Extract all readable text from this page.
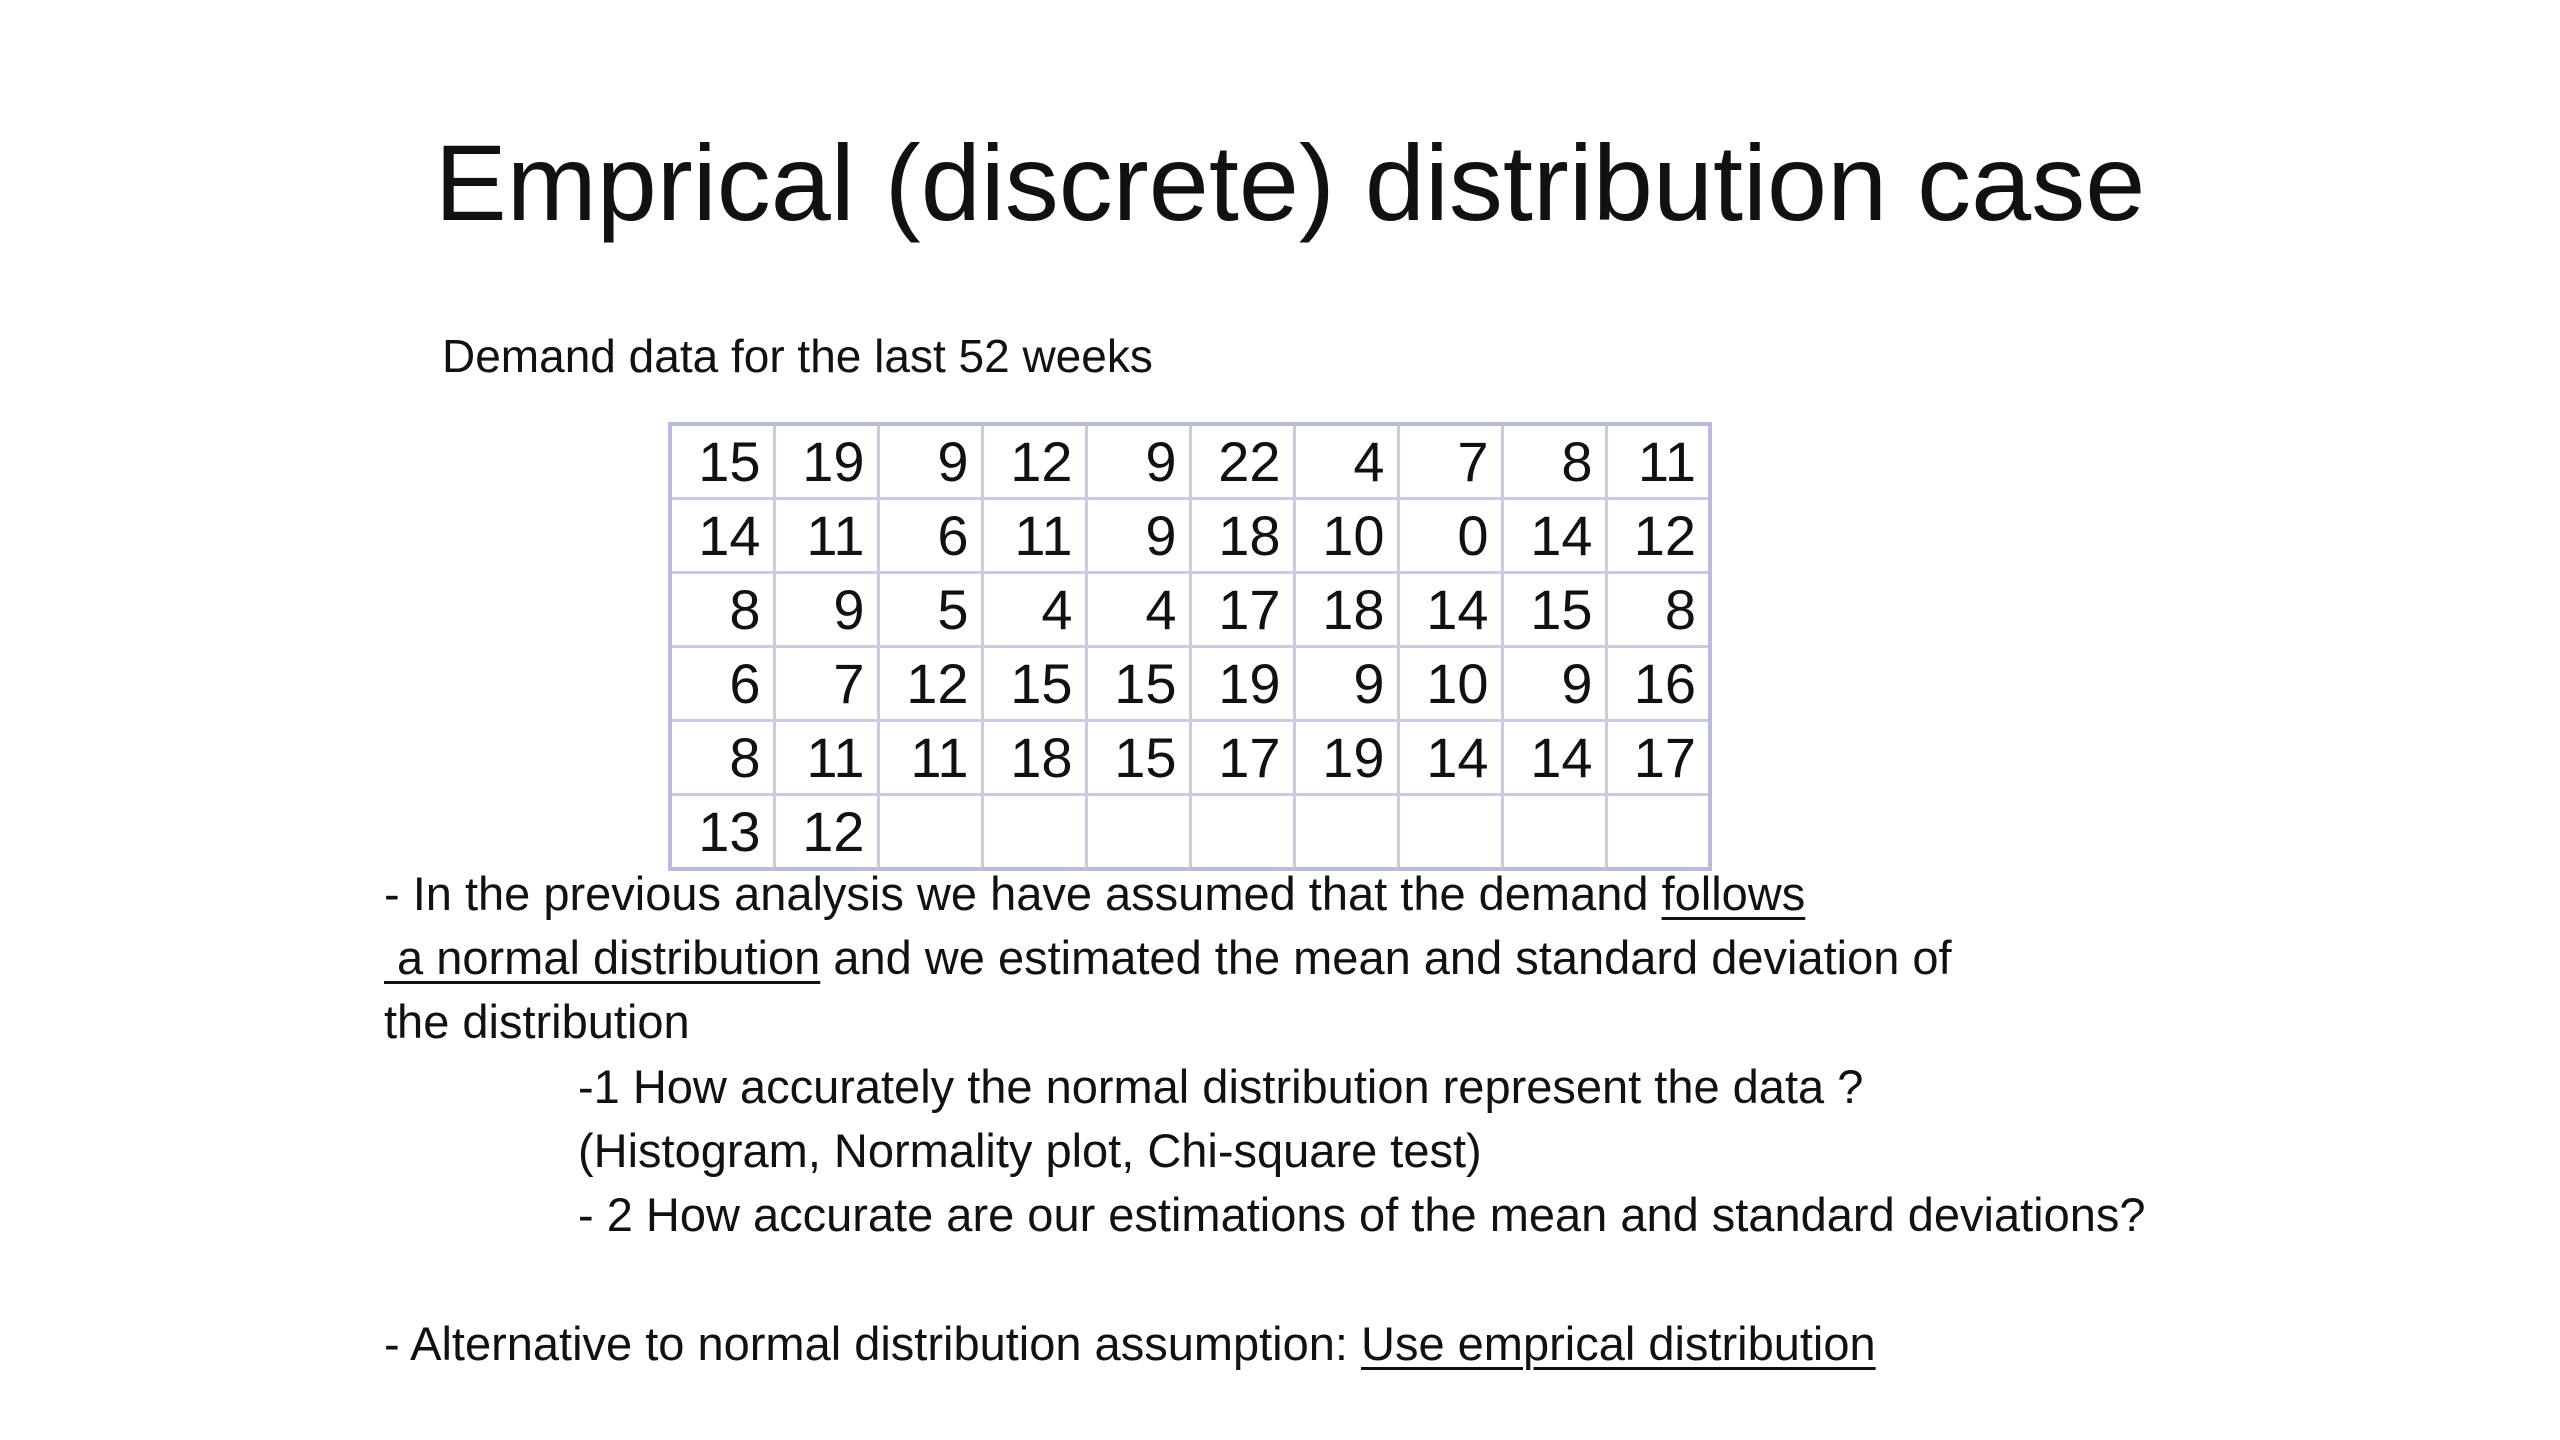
Emprical (discrete) distribution case
Demand data for the last 52 weeks
15	19	9	12	9	22	4	7	8	11
14	11	6	11	9	18	10	0	14	12
8	9	5	4	4	17	18	14	15	8
6	7	12	15	15	19	9	10	9	16
8	11	11	18	15	17	19	14	14	17
13	12								
- In the previous analysis we have assumed that the demand follows
a normal distribution and we estimated the mean and standard deviation of
the distribution
-1 How accurately the normal distribution represent the data ?
(Histogram, Normality plot, Chi-square test)
- 2 How accurate are our estimations of the mean and standard deviations?
- Alternative to normal distribution assumption: Use emprical distribution
